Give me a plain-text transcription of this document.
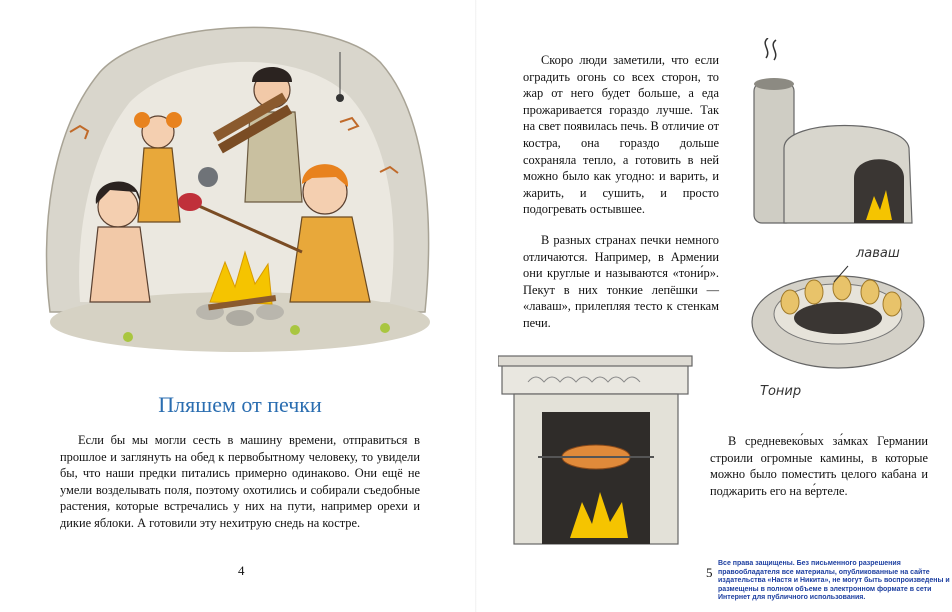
Пляшем от печки

Если бы мы могли сесть в машину времени, отправиться в прошлое и заглянуть на обед к первобытному человеку, то увидели бы, что наши предки питались примерно одинаково. Они ещё не умели возделывать поля, поэтому охотились и собирали съедобные растения, которые встречались у них на пути, например орехи и дикие яблоки. А готовили эту нехитрую снедь на костре.

4

Скоро люди заметили, что если оградить огонь со всех сторон, то жар от него будет больше, а еда прожаривается гораздо лучше. Так на свет появилась печь. В отличие от костра, она гораздо дольше сохраняла тепло, а готовить в ней можно было как угодно: и варить, и жарить, и сушить, и просто подогревать остывшее.

В разных странах печки немного отличаются. Например, в Армении они круглые и называются «тони́р». Пекут в них тонкие лепёшки — «лаваш», прилепляя тесто к стенкам печи.

В средневеко́вых за́мках Германии строили огромные камины, в которые можно было поместить целого кабана и поджарить его на ве́ртеле.

лаваш
Тонир
5
Все права защищены. Без письменного разрешения правообладателя все материалы, опубликованные на сайте издательства «Настя и Никита», не могут быть воспроизведены и размещены в полном объеме в электронном формате в сети Интернет для публичного использования.
